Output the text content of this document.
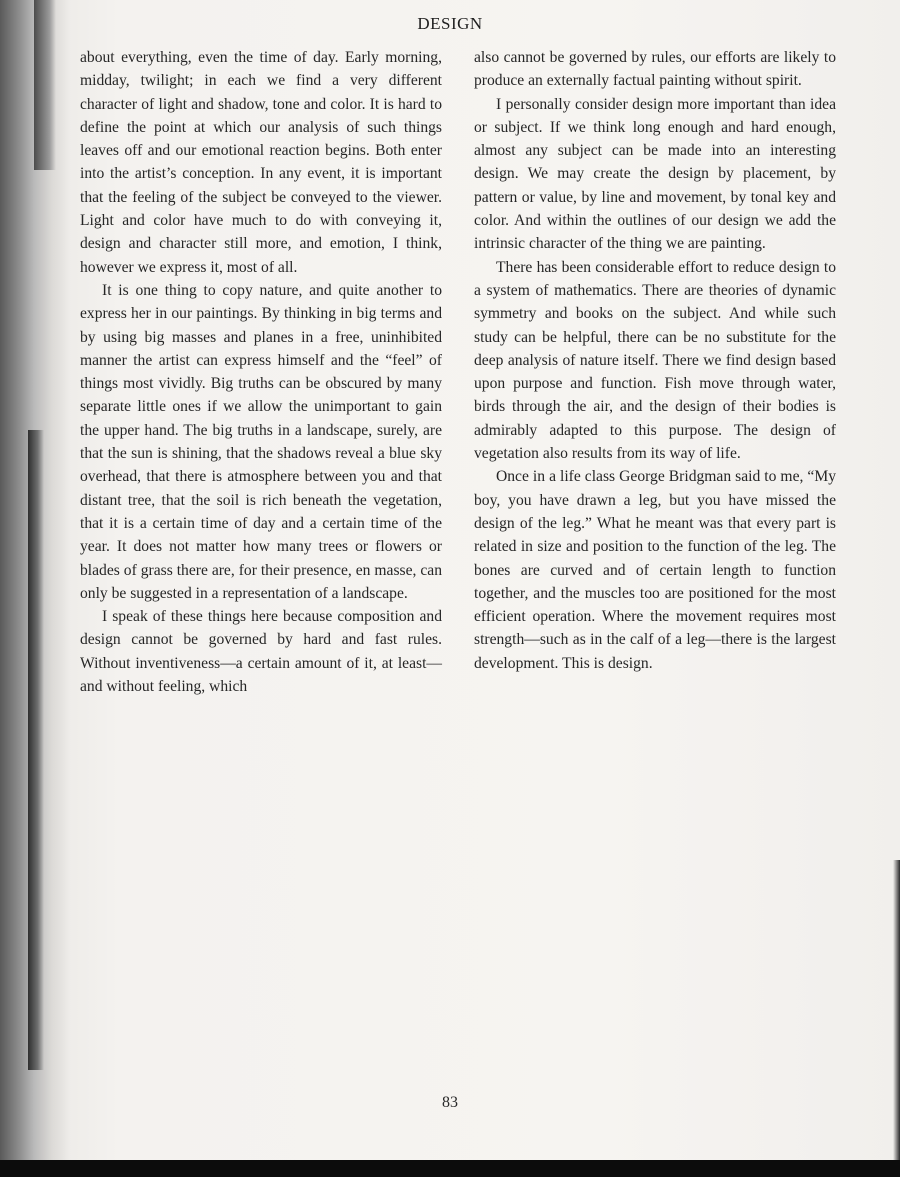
DESIGN

about everything, even the time of day. Early morning, midday, twilight; in each we find a very different character of light and shadow, tone and color. It is hard to define the point at which our analysis of such things leaves off and our emotional reaction begins. Both enter into the artist’s conception. In any event, it is important that the feeling of the subject be conveyed to the viewer. Light and color have much to do with conveying it, design and character still more, and emotion, I think, however we express it, most of all.

It is one thing to copy nature, and quite another to express her in our paintings. By thinking in big terms and by using big masses and planes in a free, uninhibited manner the artist can express himself and the “feel” of things most vividly. Big truths can be obscured by many separate little ones if we allow the unimportant to gain the upper hand. The big truths in a landscape, surely, are that the sun is shining, that the shadows reveal a blue sky overhead, that there is atmosphere between you and that distant tree, that the soil is rich beneath the vegetation, that it is a certain time of day and a certain time of the year. It does not matter how many trees or flowers or blades of grass there are, for their presence, en masse, can only be suggested in a representation of a landscape.

I speak of these things here because composition and design cannot be governed by hard and fast rules. Without inventiveness—a certain amount of it, at least—and without feeling, which

also cannot be governed by rules, our efforts are likely to produce an externally factual painting without spirit.

I personally consider design more important than idea or subject. If we think long enough and hard enough, almost any subject can be made into an interesting design. We may create the design by placement, by pattern or value, by line and movement, by tonal key and color. And within the outlines of our design we add the intrinsic character of the thing we are painting.

There has been considerable effort to reduce design to a system of mathematics. There are theories of dynamic symmetry and books on the subject. And while such study can be helpful, there can be no substitute for the deep analysis of nature itself. There we find design based upon purpose and function. Fish move through water, birds through the air, and the design of their bodies is admirably adapted to this purpose. The design of vegetation also results from its way of life.

Once in a life class George Bridgman said to me, “My boy, you have drawn a leg, but you have missed the design of the leg.” What he meant was that every part is related in size and position to the function of the leg. The bones are curved and of certain length to function together, and the muscles too are positioned for the most efficient operation. Where the movement requires most strength—such as in the calf of a leg—there is the largest development. This is design.

83
